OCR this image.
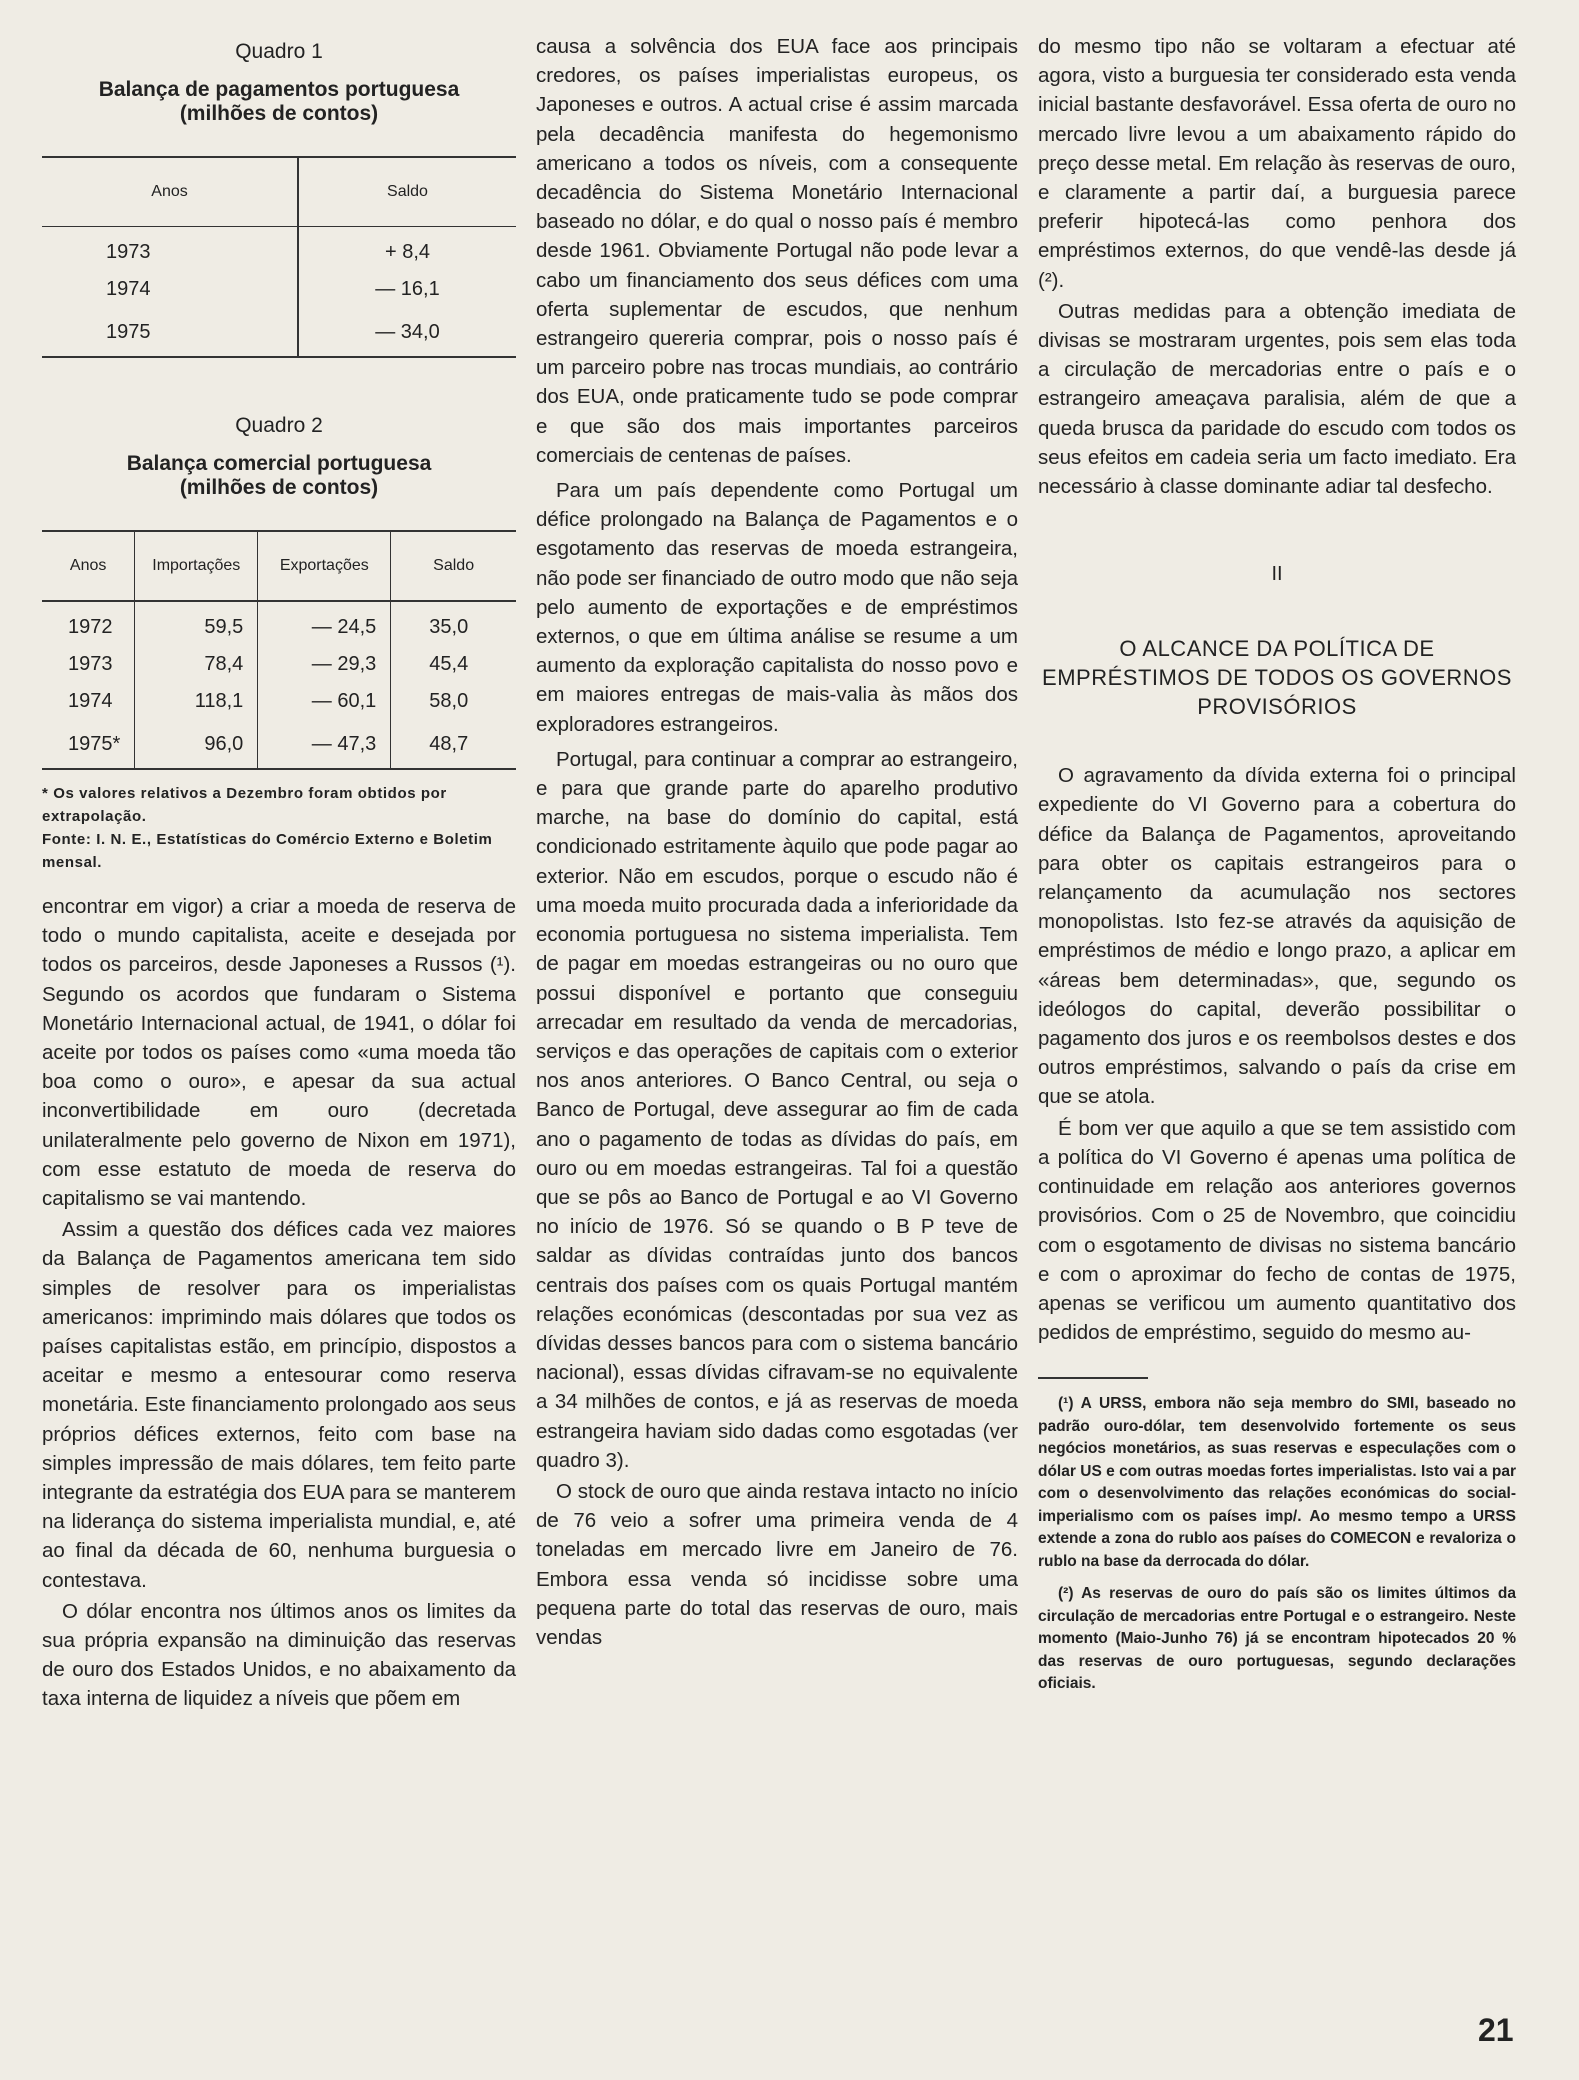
Quadro 1
Balança de pagamentos portuguesa
(milhões de contos)
Anos	Saldo
1973	+ 8,4
1974	— 16,1
1975	— 34,0
Quadro 2
Balança comercial portuguesa
(milhões de contos)
Anos	Importações	Exportações	Saldo
1972	59,5	— 24,5	35,0
1973	78,4	— 29,3	45,4
1974	118,1	— 60,1	58,0
1975*	96,0	— 47,3	48,7
* Os valores relativos a Dezembro foram obtidos por extrapolação.
Fonte: I. N. E., Estatísticas do Comércio Externo e Boletim mensal.

encontrar em vigor) a criar a moeda de reserva de todo o mundo capitalista, aceite e desejada por todos os parceiros, desde Japoneses a Russos (¹). Segundo os acordos que fundaram o Sistema Monetário Internacional actual, de 1941, o dólar foi aceite por todos os países como «uma moeda tão boa como o ouro», e apesar da sua actual inconvertibilidade em ouro (decretada unilateralmente pelo governo de Nixon em 1971), com esse estatuto de moeda de reserva do capitalismo se vai mantendo.

Assim a questão dos défices cada vez maiores da Balança de Pagamentos americana tem sido simples de resolver para os imperialistas americanos: imprimindo mais dólares que todos os países capitalistas estão, em princípio, dispostos a aceitar e mesmo a entesourar como reserva monetária. Este financiamento prolongado aos seus próprios défices externos, feito com base na simples impressão de mais dólares, tem feito parte integrante da estratégia dos EUA para se manterem na liderança do sistema imperialista mundial, e, até ao final da década de 60, nenhuma burguesia o contestava.

O dólar encontra nos últimos anos os limites da sua própria expansão na diminuição das reservas de ouro dos Estados Unidos, e no abaixamento da taxa interna de liquidez a níveis que põem em

causa a solvência dos EUA face aos principais credores, os países imperialistas europeus, os Japoneses e outros. A actual crise é assim marcada pela decadência manifesta do hegemonismo americano a todos os níveis, com a consequente decadência do Sistema Monetário Internacional baseado no dólar, e do qual o nosso país é membro desde 1961. Obviamente Portugal não pode levar a cabo um financiamento dos seus défices com uma oferta suplementar de escudos, que nenhum estrangeiro quereria comprar, pois o nosso país é um parceiro pobre nas trocas mundiais, ao contrário dos EUA, onde praticamente tudo se pode comprar e que são dos mais importantes parceiros comerciais de centenas de países.

Para um país dependente como Portugal um défice prolongado na Balança de Pagamentos e o esgotamento das reservas de moeda estrangeira, não pode ser financiado de outro modo que não seja pelo aumento de exportações e de empréstimos externos, o que em última análise se resume a um aumento da exploração capitalista do nosso povo e em maiores entregas de mais-valia às mãos dos exploradores estrangeiros.

Portugal, para continuar a comprar ao estrangeiro, e para que grande parte do aparelho produtivo marche, na base do domínio do capital, está condicionado estritamente àquilo que pode pagar ao exterior. Não em escudos, porque o escudo não é uma moeda muito procurada dada a inferioridade da economia portuguesa no sistema imperialista. Tem de pagar em moedas estrangeiras ou no ouro que possui disponível e portanto que conseguiu arrecadar em resultado da venda de mercadorias, serviços e das operações de capitais com o exterior nos anos anteriores. O Banco Central, ou seja o Banco de Portugal, deve assegurar ao fim de cada ano o pagamento de todas as dívidas do país, em ouro ou em moedas estrangeiras. Tal foi a questão que se pôs ao Banco de Portugal e ao VI Governo no início de 1976. Só se quando o B P teve de saldar as dívidas contraídas junto dos bancos centrais dos países com os quais Portugal mantém relações económicas (descontadas por sua vez as dívidas desses bancos para com o sistema bancário nacional), essas dívidas cifravam-se no equivalente a 34 milhões de contos, e já as reservas de moeda estrangeira haviam sido dadas como esgotadas (ver quadro 3).

O stock de ouro que ainda restava intacto no início de 76 veio a sofrer uma primeira venda de 4 toneladas em mercado livre em Janeiro de 76. Embora essa venda só incidisse sobre uma pequena parte do total das reservas de ouro, mais vendas

do mesmo tipo não se voltaram a efectuar até agora, visto a burguesia ter considerado esta venda inicial bastante desfavorável. Essa oferta de ouro no mercado livre levou a um abaixamento rápido do preço desse metal. Em relação às reservas de ouro, e claramente a partir daí, a burguesia parece preferir hipotecá-las como penhora dos empréstimos externos, do que vendê-las desde já (²).

Outras medidas para a obtenção imediata de divisas se mostraram urgentes, pois sem elas toda a circulação de mercadorias entre o país e o estrangeiro ameaçava paralisia, além de que a queda brusca da paridade do escudo com todos os seus efeitos em cadeia seria um facto imediato. Era necessário à classe dominante adiar tal desfecho.

II
O ALCANCE DA POLÍTICA DE EMPRÉSTIMOS DE TODOS OS GOVERNOS PROVISÓRIOS

O agravamento da dívida externa foi o principal expediente do VI Governo para a cobertura do défice da Balança de Pagamentos, aproveitando para obter os capitais estrangeiros para o relançamento da acumulação nos sectores monopolistas. Isto fez-se através da aquisição de empréstimos de médio e longo prazo, a aplicar em «áreas bem determinadas», que, segundo os ideólogos do capital, deverão possibilitar o pagamento dos juros e os reembolsos destes e dos outros empréstimos, salvando o país da crise em que se atola.

É bom ver que aquilo a que se tem assistido com a política do VI Governo é apenas uma política de continuidade em relação aos anteriores governos provisórios. Com o 25 de Novembro, que coincidiu com o esgotamento de divisas no sistema bancário e com o aproximar do fecho de contas de 1975, apenas se verificou um aumento quantitativo dos pedidos de empréstimo, seguido do mesmo au-

(¹) A URSS, embora não seja membro do SMI, baseado no padrão ouro-dólar, tem desenvolvido fortemente os seus negócios monetários, as suas reservas e especulações com o dólar US e com outras moedas fortes imperialistas. Isto vai a par com o desenvolvimento das relações económicas do social-imperialismo com os países imp/. Ao mesmo tempo a URSS extende a zona do rublo aos países do COMECON e revaloriza o rublo na base da derrocada do dólar.

(²) As reservas de ouro do país são os limites últimos da circulação de mercadorias entre Portugal e o estrangeiro. Neste momento (Maio-Junho 76) já se encontram hipotecados 20 % das reservas de ouro portuguesas, segundo declarações oficiais.

21
